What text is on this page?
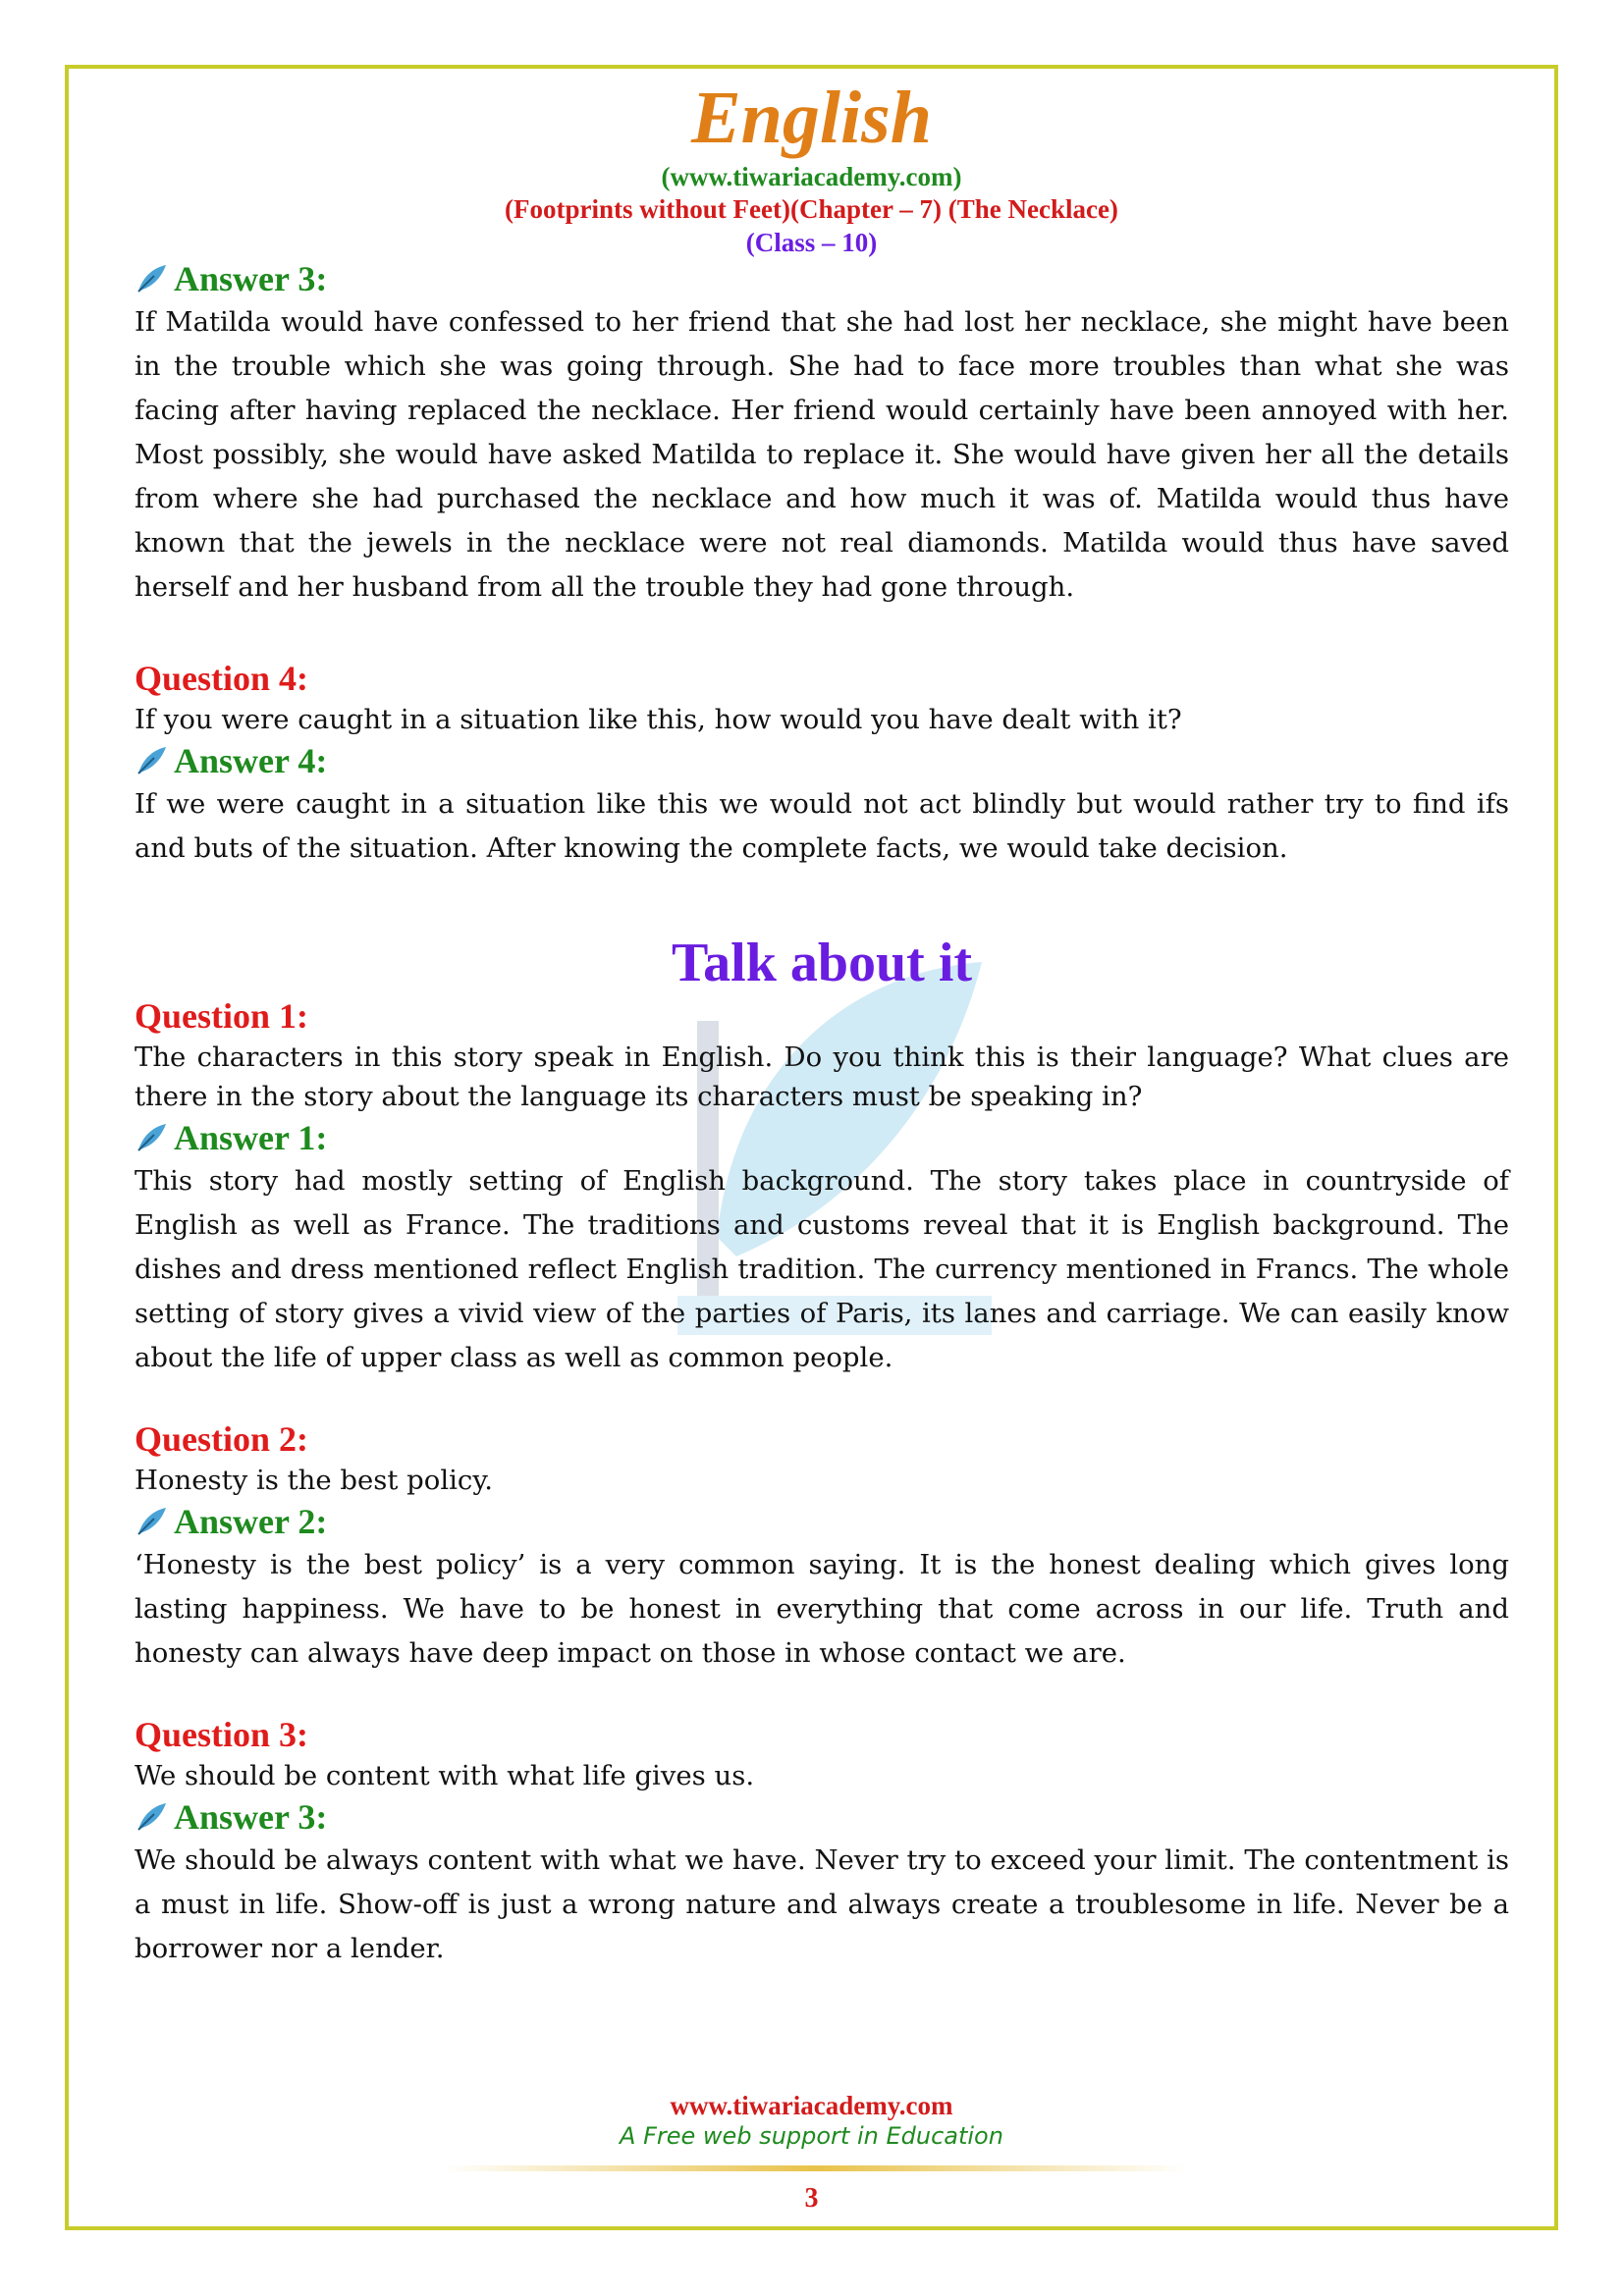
English
(www.tiwariacademy.com)
(Footprints without Feet)(Chapter – 7) (The Necklace)
(Class – 10)
Answer 3:

If Matilda would have confessed to her friend that she had lost her necklace, she might have been in the trouble which she was going through. She had to face more troubles than what she was facing after having replaced the necklace. Her friend would certainly have been annoyed with her. Most possibly, she would have asked Matilda to replace it. She would have given her all the details from where she had purchased the necklace and how much it was of. Matilda would thus have known that the jewels in the necklace were not real diamonds. Matilda would thus have saved herself and her husband from all the trouble they had gone through.

Question 4:

If you were caught in a situation like this, how would you have dealt with it?

Answer 4:

If we were caught in a situation like this we would not act blindly but would rather try to find ifs and buts of the situation. After knowing the complete facts, we would take decision.

Talk about it
Question 1:

The characters in this story speak in English. Do you think this is their language? What clues are there in the story about the language its characters must be speaking in?

Answer 1:

This story had mostly setting of English background. The story takes place in countryside of English as well as France. The traditions and customs reveal that it is English background. The dishes and dress mentioned reflect English tradition. The currency mentioned in Francs. The whole setting of story gives a vivid view of the parties of Paris, its lanes and carriage. We can easily know about the life of upper class as well as common people.

Question 2:

Honesty is the best policy.

Answer 2:

‘Honesty is the best policy’ is a very common saying. It is the honest dealing which gives long lasting happiness. We have to be honest in everything that come across in our life. Truth and honesty can always have deep impact on those in whose contact we are.

Question 3:

We should be content with what life gives us.

Answer 3:

We should be always content with what we have. Never try to exceed your limit. The contentment is a must in life. Show-off is just a wrong nature and always create a troublesome in life. Never be a borrower nor a lender.

www.tiwariacademy.com
A Free web support in Education
3
